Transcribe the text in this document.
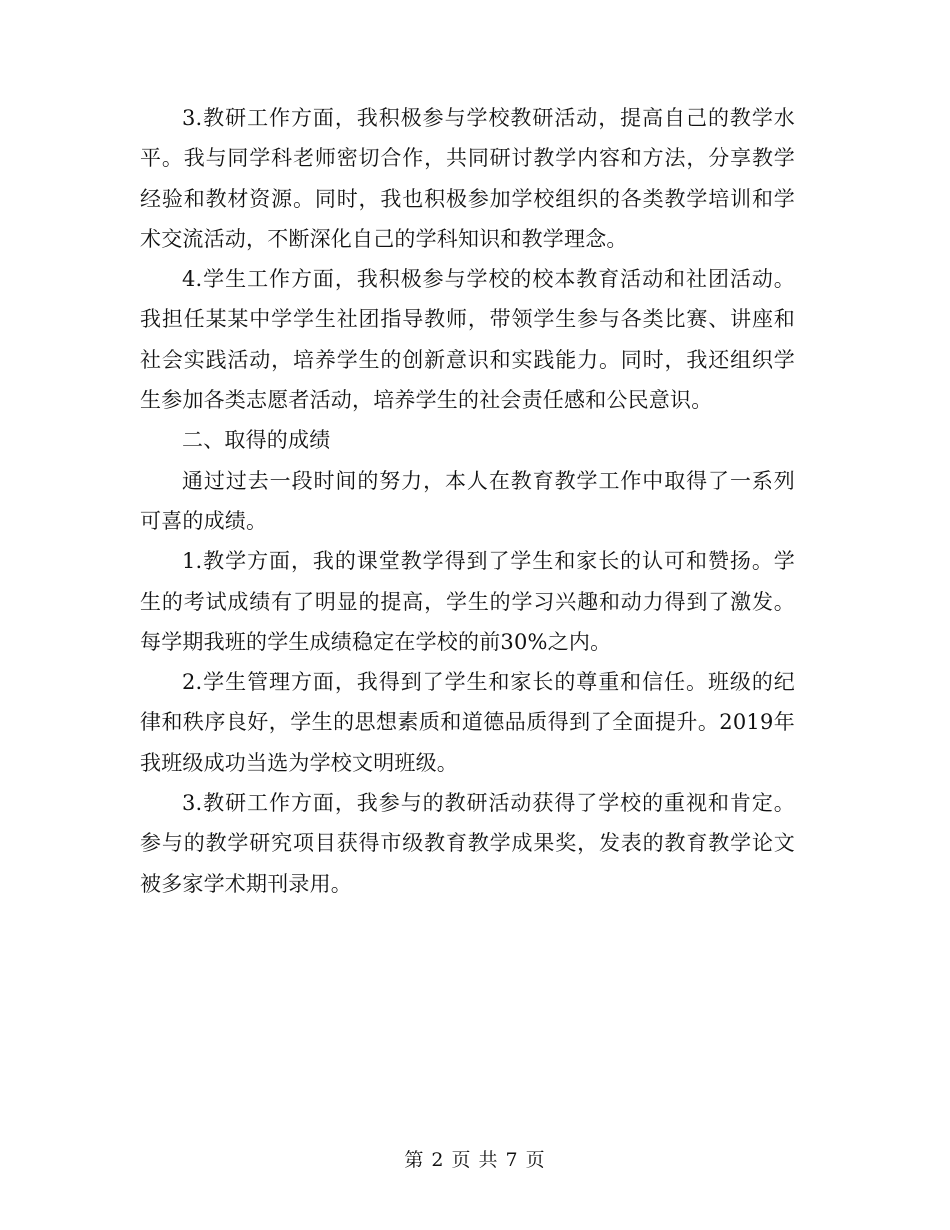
3.教研工作方面，我积极参与学校教研活动，提高自己的教学水平。我与同学科老师密切合作，共同研讨教学内容和方法，分享教学经验和教材资源。同时，我也积极参加学校组织的各类教学培训和学术交流活动，不断深化自己的学科知识和教学理念。

4.学生工作方面，我积极参与学校的校本教育活动和社团活动。我担任某某中学学生社团指导教师，带领学生参与各类比赛、讲座和社会实践活动，培养学生的创新意识和实践能力。同时，我还组织学生参加各类志愿者活动，培养学生的社会责任感和公民意识。

二、取得的成绩

通过过去一段时间的努力，本人在教育教学工作中取得了一系列可喜的成绩。

1.教学方面，我的课堂教学得到了学生和家长的认可和赞扬。学生的考试成绩有了明显的提高，学生的学习兴趣和动力得到了激发。每学期我班的学生成绩稳定在学校的前30%之内。

2.学生管理方面，我得到了学生和家长的尊重和信任。班级的纪律和秩序良好，学生的思想素质和道德品质得到了全面提升。2019年我班级成功当选为学校文明班级。

3.教研工作方面，我参与的教研活动获得了学校的重视和肯定。参与的教学研究项目获得市级教育教学成果奖，发表的教育教学论文被多家学术期刊录用。

第 2 页 共 7 页
